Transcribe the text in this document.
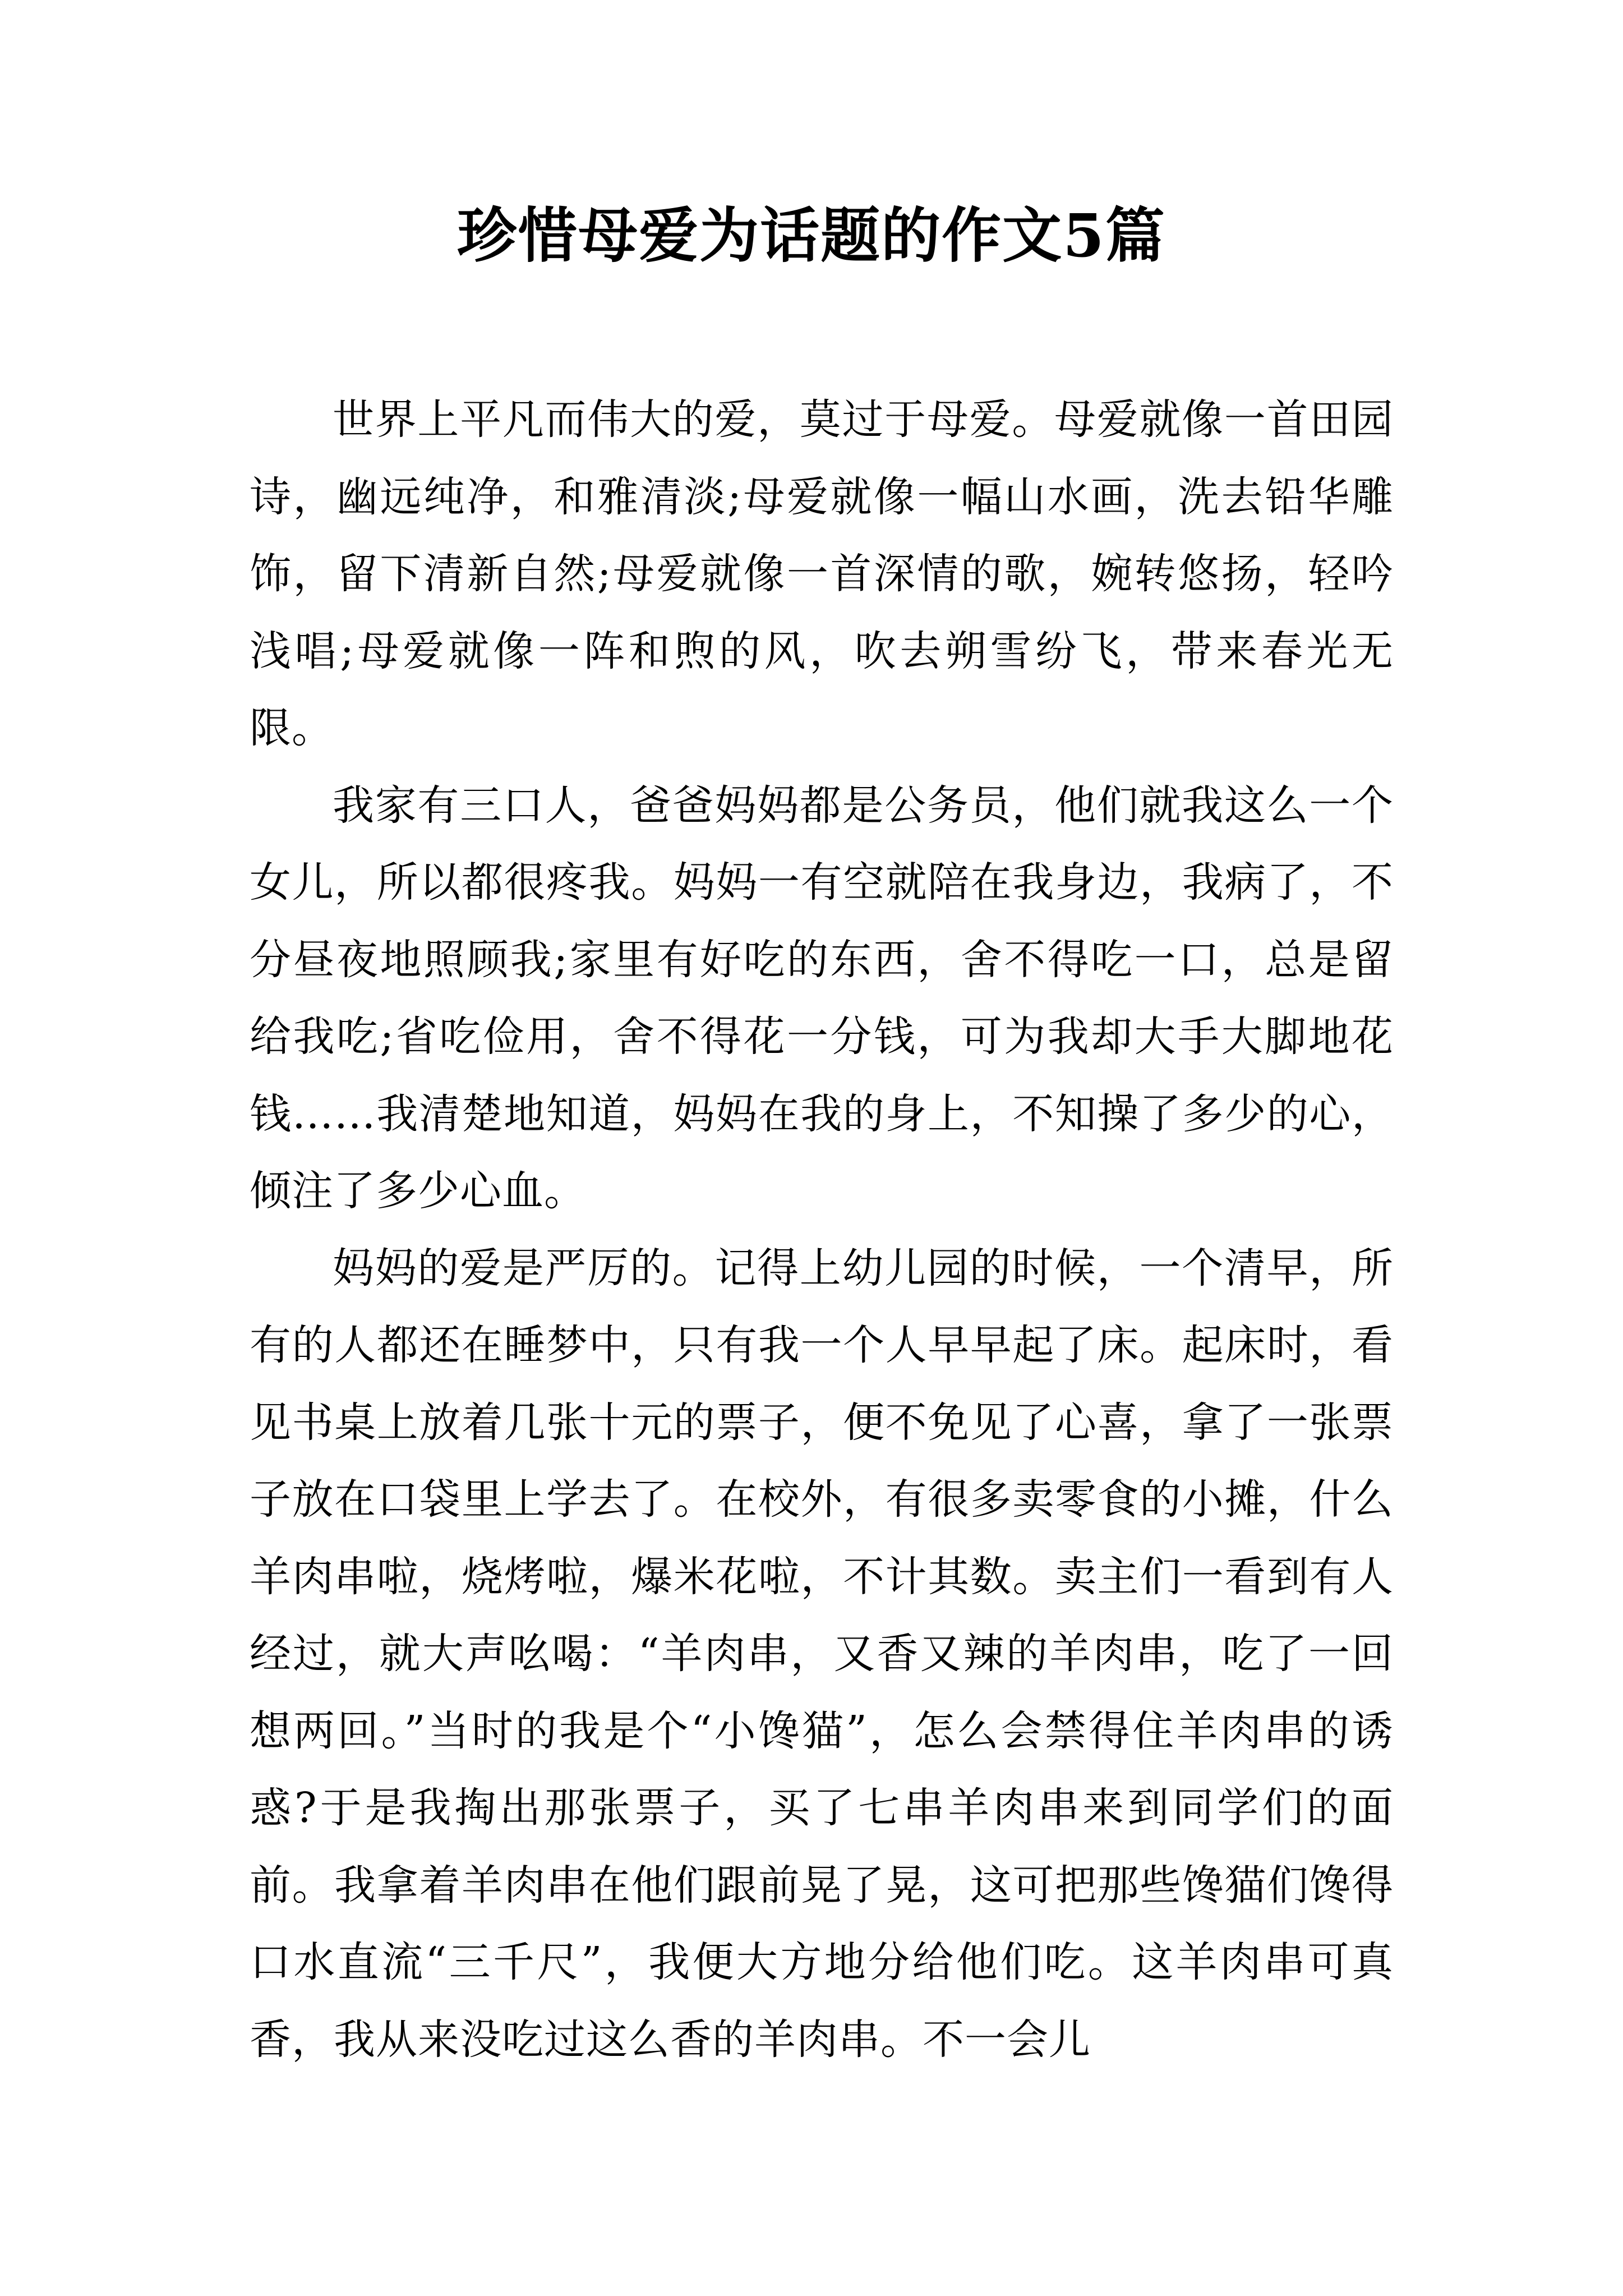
珍惜母爱为话题的作文5篇

世界上平凡而伟大的爱，莫过于母爱。母爱就像一首田园诗，幽远纯净，和雅清淡;母爱就像一幅山水画，洗去铅华雕饰，留下清新自然;母爱就像一首深情的歌，婉转悠扬，轻吟浅唱;母爱就像一阵和煦的风，吹去朔雪纷飞，带来春光无限。

我家有三口人，爸爸妈妈都是公务员，他们就我这么一个女儿，所以都很疼我。妈妈一有空就陪在我身边，我病了，不分昼夜地照顾我;家里有好吃的东西，舍不得吃一口，总是留给我吃;省吃俭用，舍不得花一分钱，可为我却大手大脚地花钱……我清楚地知道，妈妈在我的身上，不知操了多少的心，倾注了多少心血。

妈妈的爱是严厉的。记得上幼儿园的时候，一个清早，所有的人都还在睡梦中，只有我一个人早早起了床。起床时，看见书桌上放着几张十元的票子，便不免见了心喜，拿了一张票子放在口袋里上学去了。在校外，有很多卖零食的小摊，什么羊肉串啦，烧烤啦，爆米花啦，不计其数。卖主们一看到有人经过，就大声吆喝：“羊肉串，又香又辣的羊肉串，吃了一回想两回。”当时的我是个“小馋猫”，怎么会禁得住羊肉串的诱惑?于是我掏出那张票子，买了七串羊肉串来到同学们的面前。我拿着羊肉串在他们跟前晃了晃，这可把那些馋猫们馋得口水直流“三千尺”，我便大方地分给他们吃。这羊肉串可真香，我从来没吃过这么香的羊肉串。不一会儿
